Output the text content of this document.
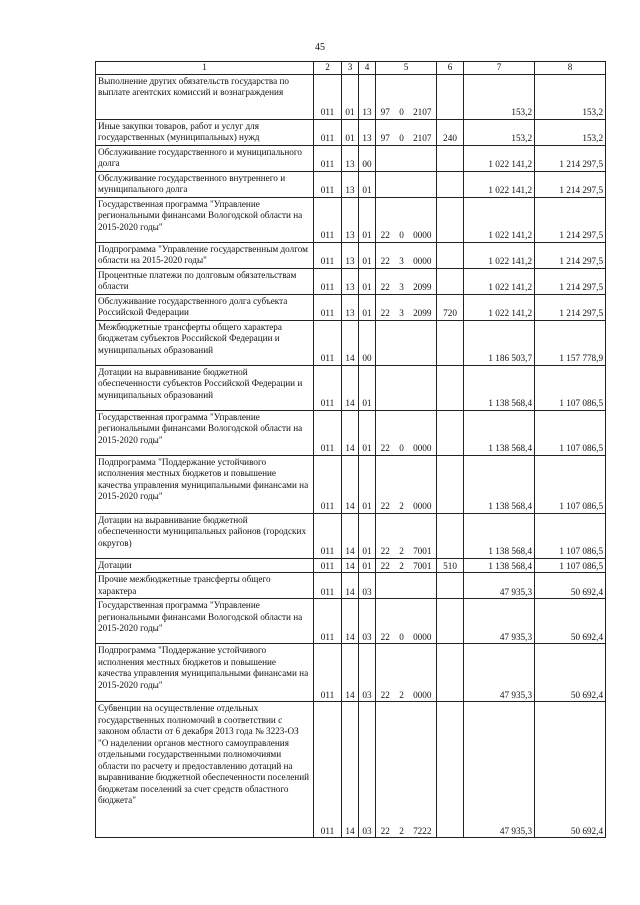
45
1	2	3	4	5			6	7	8
Выполнение других обязательств государства по выплате агентских комиссий и вознаграждения	011	01	13	97	0	2107		153,2	153,2
Иные закупки товаров, работ и услуг для государственных (муниципальных) нужд	011	01	13	97	0	2107	240	153,2	153,2
Обслуживание государственного и муниципального долга	011	13	00					1 022 141,2	1 214 297,5
Обслуживание государственного внутреннего и муниципального долга	011	13	01					1 022 141,2	1 214 297,5
Государственная программа "Управление региональными финансами Вологодской области на 2015-2020 годы"	011	13	01	22	0	0000		1 022 141,2	1 214 297,5
Подпрограмма "Управление государственным долгом области на 2015-2020 годы"	011	13	01	22	3	0000		1 022 141,2	1 214 297,5
Процентные платежи по долговым обязательствам области	011	13	01	22	3	2099		1 022 141,2	1 214 297,5
Обслуживание государственного долга субъекта Российской Федерации	011	13	01	22	3	2099	720	1 022 141,2	1 214 297,5
Межбюджетные трансферты общего характера бюджетам субъектов Российской Федерации и муниципальных образований	011	14	00					1 186 503,7	1 157 778,9
Дотации на выравнивание бюджетной обеспеченности субъектов Российской Федерации и муниципальных образований	011	14	01					1 138 568,4	1 107 086,5
Государственная программа "Управление региональными финансами Вологодской области на 2015-2020 годы"	011	14	01	22	0	0000		1 138 568,4	1 107 086,5
Подпрограмма "Поддержание устойчивого исполнения местных бюджетов и повышение качества управления муниципальными финансами на 2015-2020 годы"	011	14	01	22	2	0000		1 138 568,4	1 107 086,5
Дотации на выравнивание бюджетной обеспеченности муниципальных районов (городских округов)	011	14	01	22	2	7001		1 138 568,4	1 107 086,5
Дотации	011	14	01	22	2	7001	510	1 138 568,4	1 107 086,5
Прочие межбюджетные трансферты общего характера	011	14	03					47 935,3	50 692,4
Государственная программа "Управление региональными финансами Вологодской области на 2015-2020 годы"	011	14	03	22	0	0000		47 935,3	50 692,4
Подпрограмма "Поддержание устойчивого исполнения местных бюджетов и повышение качества управления муниципальными финансами на 2015-2020 годы"	011	14	03	22	2	0000		47 935,3	50 692,4
Субвенции на осуществление отдельных государственных полномочий в соответствии с законом области от 6 декабря 2013 года № 3223-ОЗ "О наделении органов местного самоуправления отдельными государственными полномочиями области по расчету и предоставлению дотаций на выравнивание бюджетной обеспеченности поселений бюджетам поселений за счет средств областного бюджета"	011	14	03	22	2	7222		47 935,3	50 692,4
